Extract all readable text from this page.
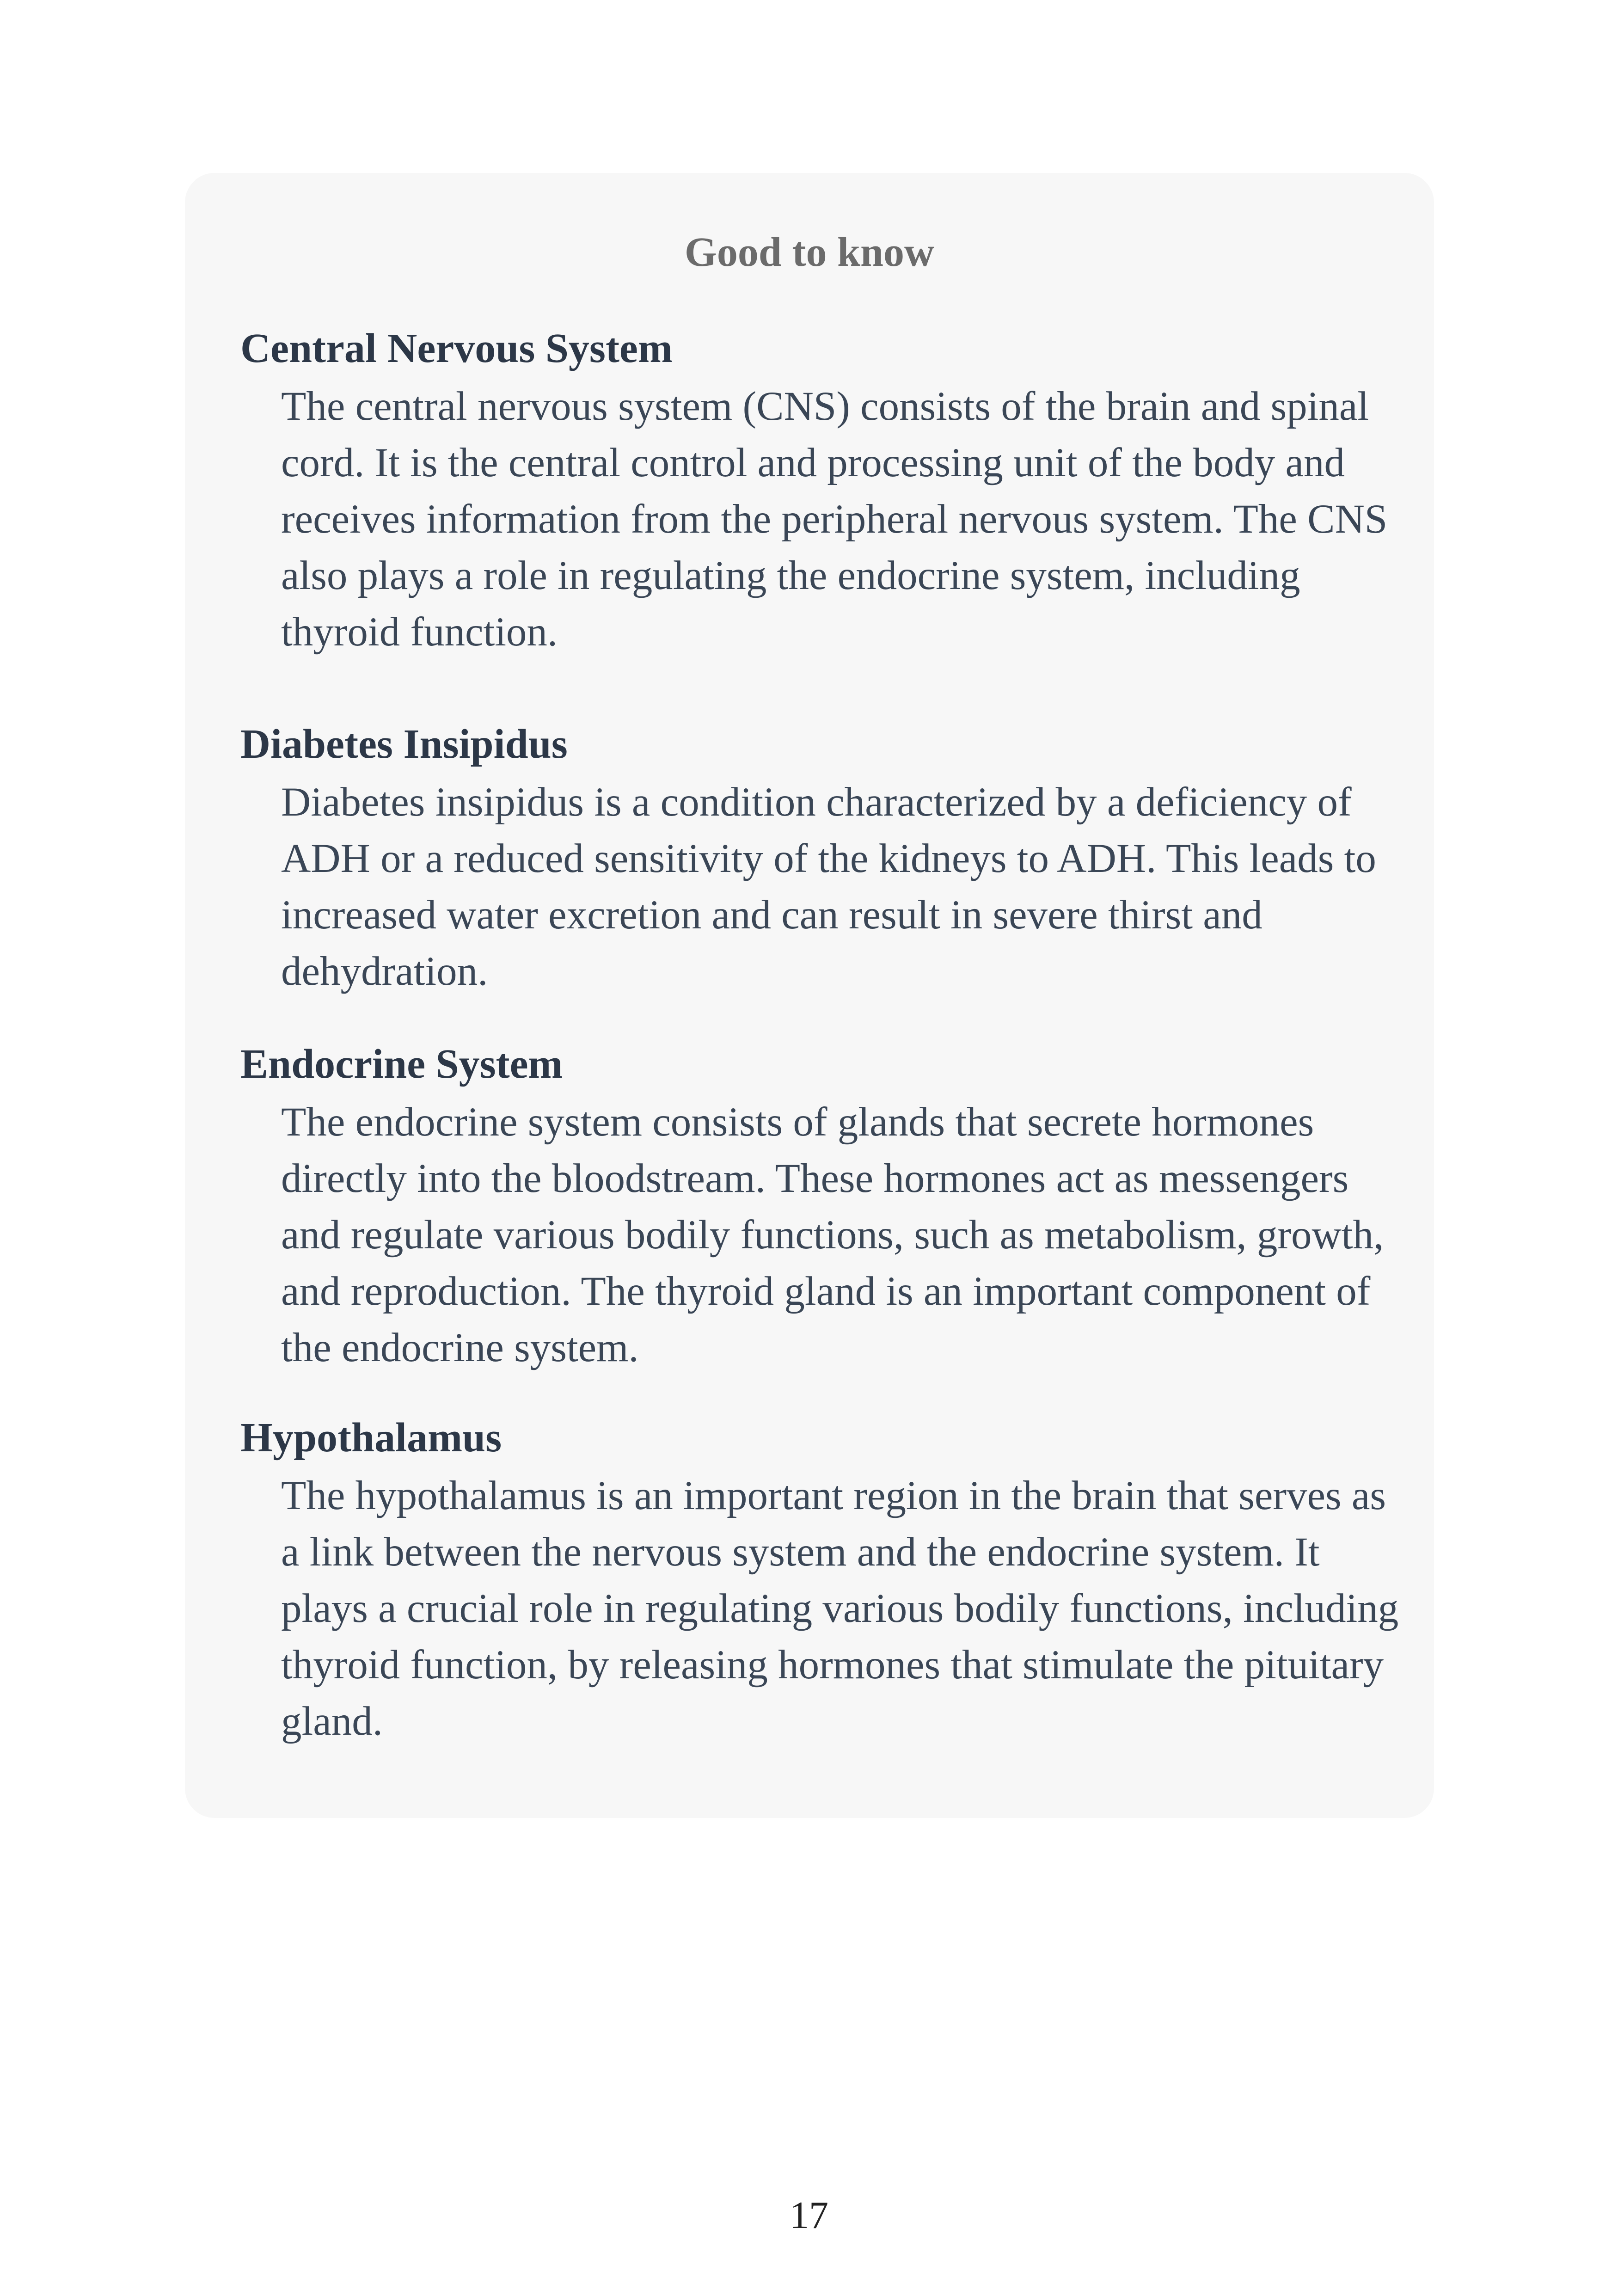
Good to know

Central Nervous System

The central nervous system (CNS) consists of the brain and spinal cord. It is the central control and processing unit of the body and receives information from the peripheral nervous system. The CNS also plays a role in regulating the endocrine system, including thyroid function.

Diabetes Insipidus

Diabetes insipidus is a condition characterized by a deficiency of ADH or a reduced sensitivity of the kidneys to ADH. This leads to increased water excretion and can result in severe thirst and dehydration.

Endocrine System

The endocrine system consists of glands that secrete hormones directly into the bloodstream. These hormones act as messengers and regulate various bodily functions, such as metabolism, growth, and reproduction. The thyroid gland is an important component of the endocrine system.

Hypothalamus

The hypothalamus is an important region in the brain that serves as a link between the nervous system and the endocrine system. It plays a crucial role in regulating various bodily functions, including thyroid function, by releasing hormones that stimulate the pituitary gland.

17
